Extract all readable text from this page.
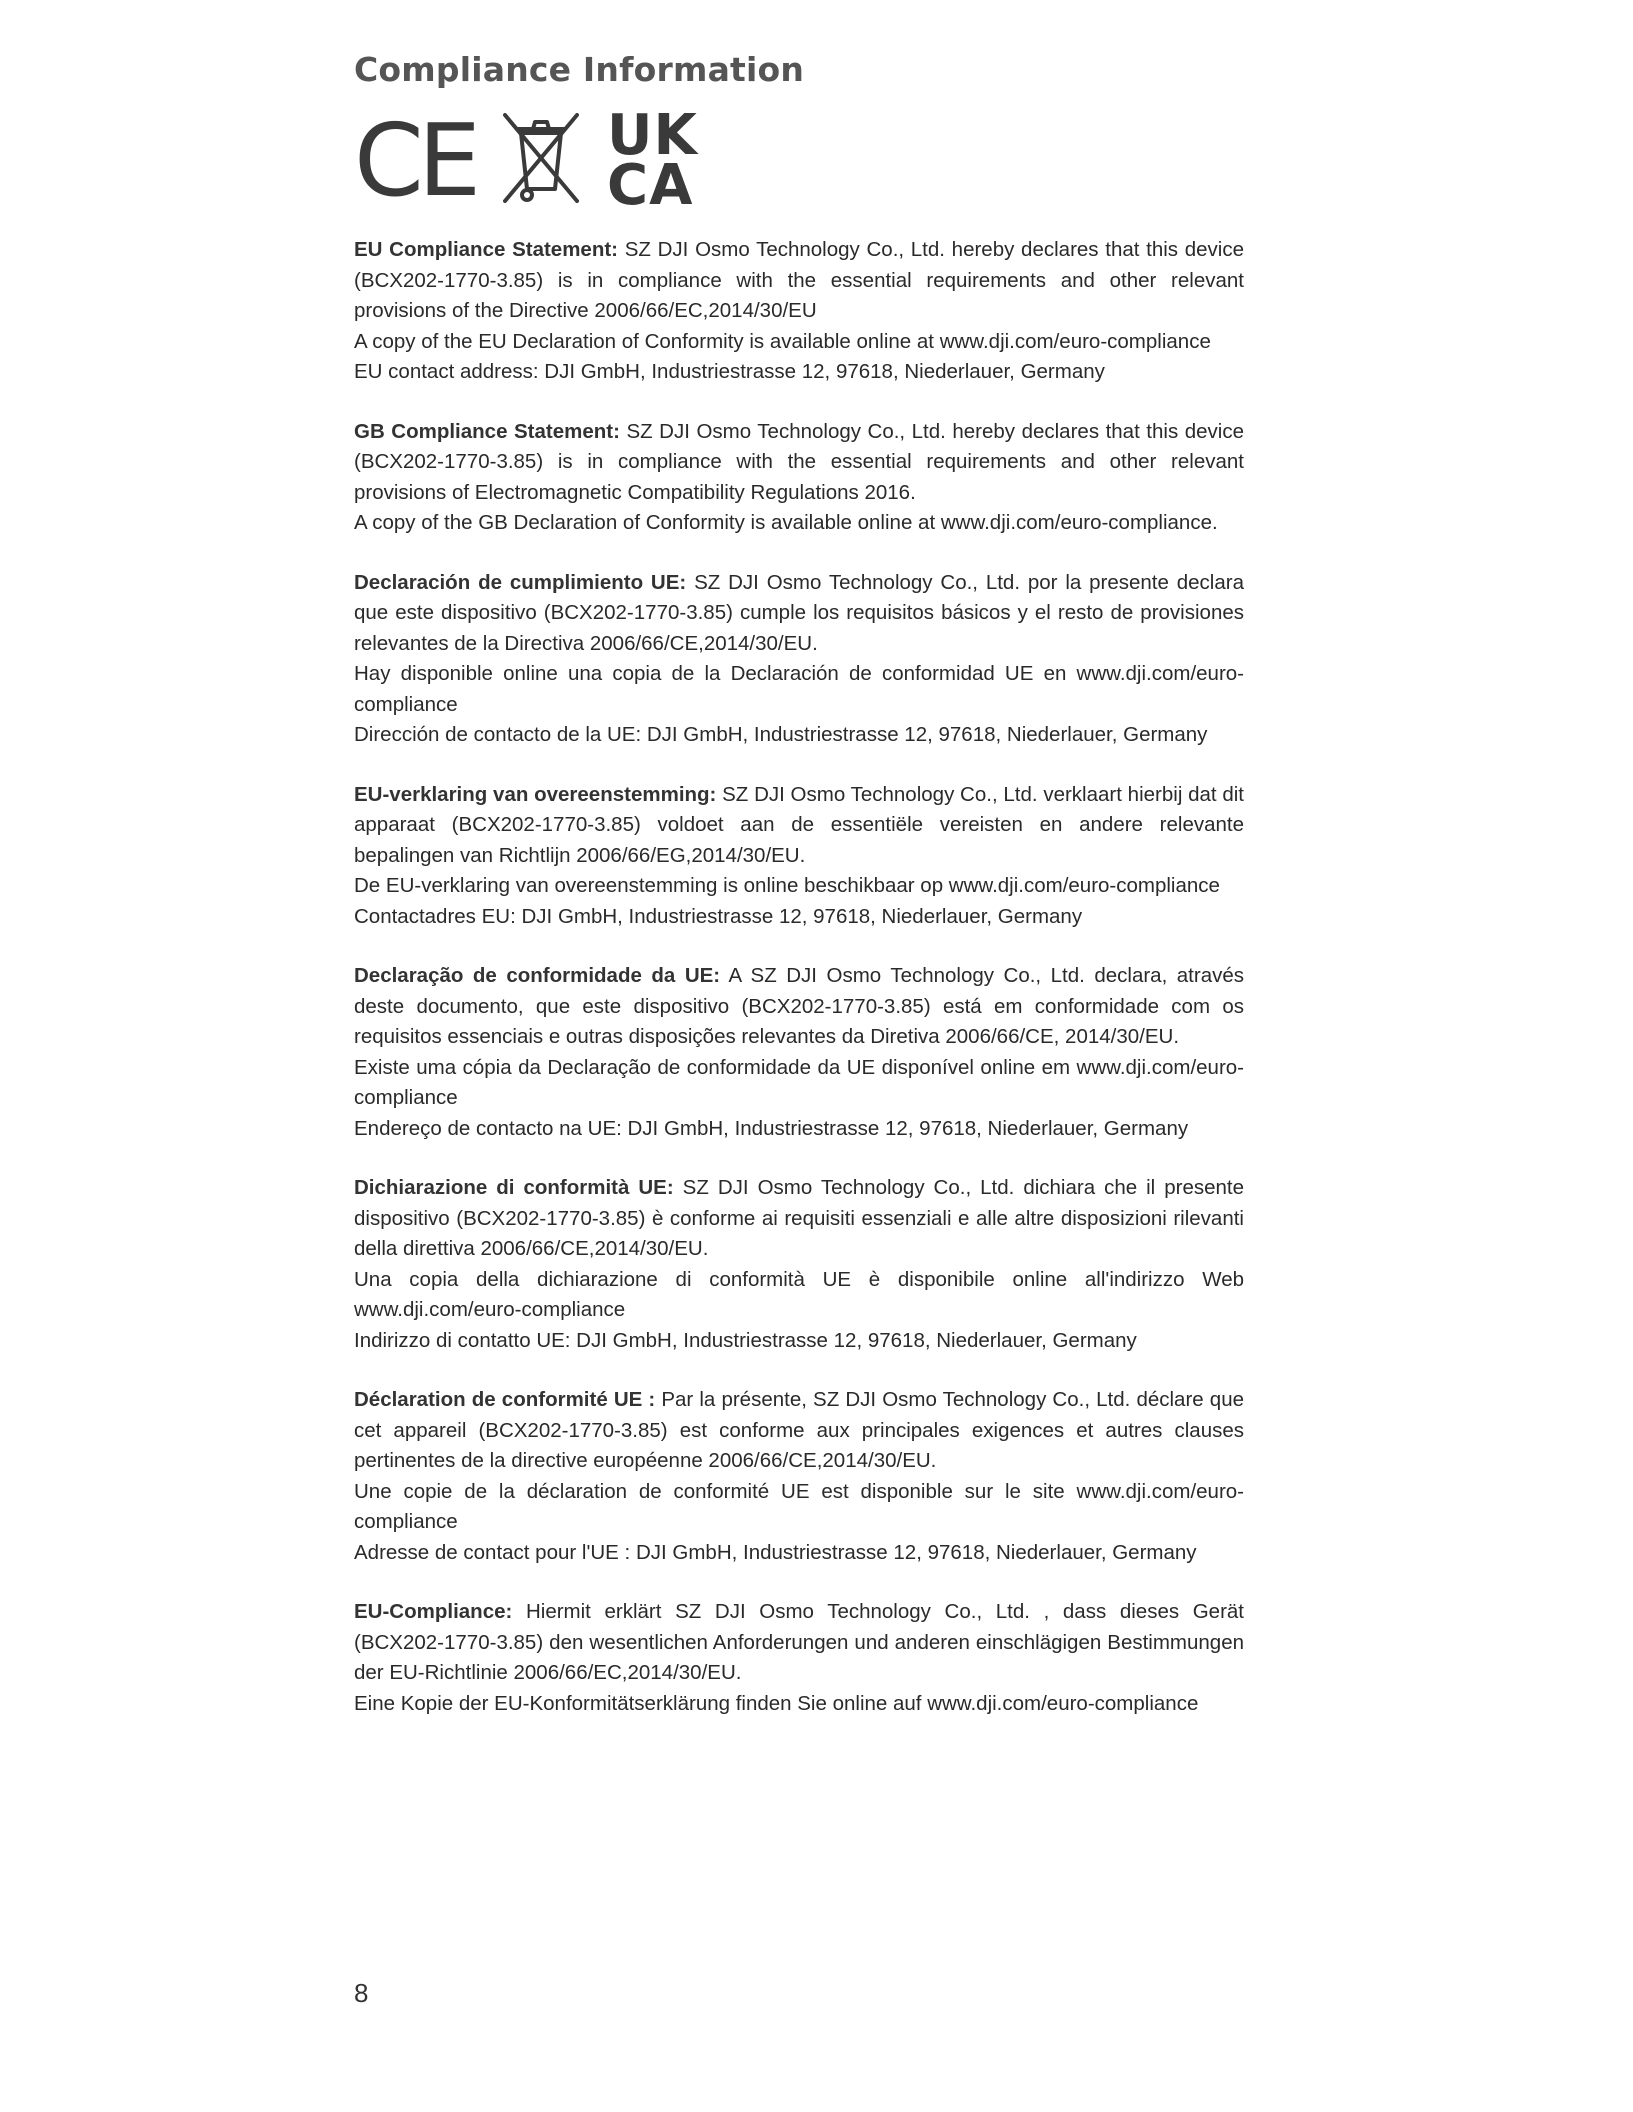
Compliance Information
CE UK
CA

EU Compliance Statement: SZ DJI Osmo Technology Co., Ltd. hereby declares that this device (BCX202-1770-3.85) is in compliance with the essential requirements and other relevant provisions of the Directive 2006/66/EC,2014/30/EU

A copy of the EU Declaration of Conformity is available online at www.dji.com/euro-compliance

EU contact address: DJI GmbH, Industriestrasse 12, 97618, Niederlauer, Germany

GB Compliance Statement: SZ DJI Osmo Technology Co., Ltd. hereby declares that this device (BCX202-1770-3.85) is in compliance with the essential requirements and other relevant provisions of Electromagnetic Compatibility Regulations 2016.

A copy of the GB Declaration of Conformity is available online at www.dji.com/euro-compliance.

Declaración de cumplimiento UE: SZ DJI Osmo Technology Co., Ltd. por la presente declara que este dispositivo (BCX202-1770-3.85) cumple los requisitos básicos y el resto de provisiones relevantes de la Directiva 2006/66/CE,2014/30/EU.

Hay disponible online una copia de la Declaración de conformidad UE en www.dji.com/euro-compliance

Dirección de contacto de la UE: DJI GmbH, Industriestrasse 12, 97618, Niederlauer, Germany

EU-verklaring van overeenstemming: SZ DJI Osmo Technology Co., Ltd. verklaart hierbij dat dit apparaat (BCX202-1770-3.85) voldoet aan de essentiële vereisten en andere relevante bepalingen van Richtlijn 2006/66/EG,2014/30/EU.

De EU-verklaring van overeenstemming is online beschikbaar op www.dji.com/euro-compliance

Contactadres EU: DJI GmbH, Industriestrasse 12, 97618, Niederlauer, Germany

Declaração de conformidade da UE: A SZ DJI Osmo Technology Co., Ltd. declara, através deste documento, que este dispositivo (BCX202-1770-3.85) está em conformidade com os requisitos essenciais e outras disposições relevantes da Diretiva 2006/66/CE, 2014/30/EU.

Existe uma cópia da Declaração de conformidade da UE disponível online em www.dji.com/euro-compliance

Endereço de contacto na UE: DJI GmbH, Industriestrasse 12, 97618, Niederlauer, Germany

Dichiarazione di conformità UE: SZ DJI Osmo Technology Co., Ltd. dichiara che il presente dispositivo (BCX202-1770-3.85) è conforme ai requisiti essenziali e alle altre disposizioni rilevanti della direttiva 2006/66/CE,2014/30/EU.

Una copia della dichiarazione di conformità UE è disponibile online all'indirizzo Web www.dji.com/euro-compliance

Indirizzo di contatto UE: DJI GmbH, Industriestrasse 12, 97618, Niederlauer, Germany

Déclaration de conformité UE : Par la présente, SZ DJI Osmo Technology Co., Ltd. déclare que cet appareil (BCX202-1770-3.85) est conforme aux principales exigences et autres clauses pertinentes de la directive européenne 2006/66/CE,2014/30/EU.

Une copie de la déclaration de conformité UE est disponible sur le site www.dji.com/euro-compliance

Adresse de contact pour l'UE : DJI GmbH, Industriestrasse 12, 97618, Niederlauer, Germany

EU-Compliance: Hiermit erklärt SZ DJI Osmo Technology Co., Ltd. , dass dieses Gerät (BCX202-1770-3.85) den wesentlichen Anforderungen und anderen einschlägigen Bestimmungen der EU-Richtlinie 2006/66/EC,2014/30/EU.

Eine Kopie der EU-Konformitätserklärung finden Sie online auf www.dji.com/euro-compliance

8
